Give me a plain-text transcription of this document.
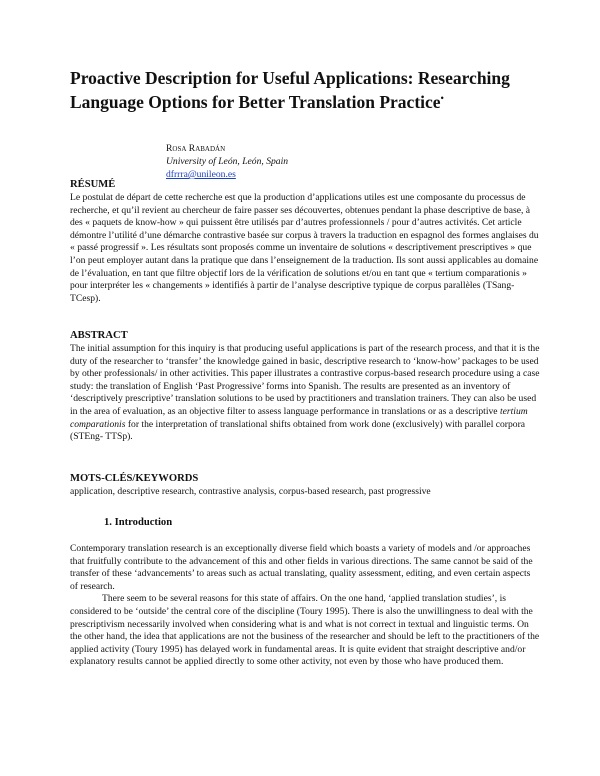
Proactive Description for Useful Applications: Researching Language Options for Better Translation Practice•
Rosa Rabadán
University of León, León, Spain
dfrrra@unileon.es
RÉSUMÉ

Le postulat de départ de cette recherche est que la production d’applications utiles est une composante du processus de recherche, et qu’il revient au chercheur de faire passer ses découvertes, obtenues pendant la phase descriptive de base, à des « paquets de know-how » qui puissent être utilisés par d’autres professionnels / pour d’autres activités. Cet article démontre l’utilité d’une démarche contrastive basée sur corpus à travers la traduction en espagnol des formes anglaises du « passé progressif ». Les résultats sont proposés comme un inventaire de solutions « descriptivement prescriptives » que l’on peut employer autant dans la pratique que dans l’enseignement de la traduction. Ils sont aussi applicables au domaine de l’évaluation, en tant que filtre objectif lors de la vérification de solutions et/ou en tant que « tertium comparationis » pour interpréter les « changements » identifiés à partir de l’analyse descriptive typique de corpus parallèles (TSang-TCesp).

ABSTRACT

The initial assumption for this inquiry is that producing useful applications is part of the research process, and that it is the duty of the researcher to ‘transfer’ the knowledge gained in basic, descriptive research to ‘know-how’ packages to be used by other professionals/ in other activities. This paper illustrates a contrastive corpus-based research procedure using a case study: the translation of English ‘Past Progressive’ forms into Spanish. The results are presented as an inventory of ‘descriptively prescriptive’ translation solutions to be used by practitioners and translation trainers. They can also be used in the area of evaluation, as an objective filter to assess language performance in translations or as a descriptive tertium comparationis for the interpretation of translational shifts obtained from work done (exclusively) with parallel corpora (STEng- TTSp).

MOTS-CLÉS/KEYWORDS

application, descriptive research, contrastive analysis, corpus-based research, past progressive

1. Introduction

Contemporary translation research is an exceptionally diverse field which boasts a variety of models and /or approaches that fruitfully contribute to the advancement of this and other fields in various directions. The same cannot be said of the transfer of these ‘advancements’ to areas such as actual translating, quality assessment, editing, and even certain aspects of research.

There seem to be several reasons for this state of affairs. On the one hand, ‘applied translation studies’, is considered to be ‘outside’ the central core of the discipline (Toury 1995). There is also the unwillingness to deal with the prescriptivism necessarily involved when considering what is and what is not correct in textual and linguistic terms. On the other hand, the idea that applications are not the business of the researcher and should be left to the practitioners of the applied activity (Toury 1995) has delayed work in fundamental areas. It is quite evident that straight descriptive and/or explanatory results cannot be applied directly to some other activity, not even by those who have produced them.
